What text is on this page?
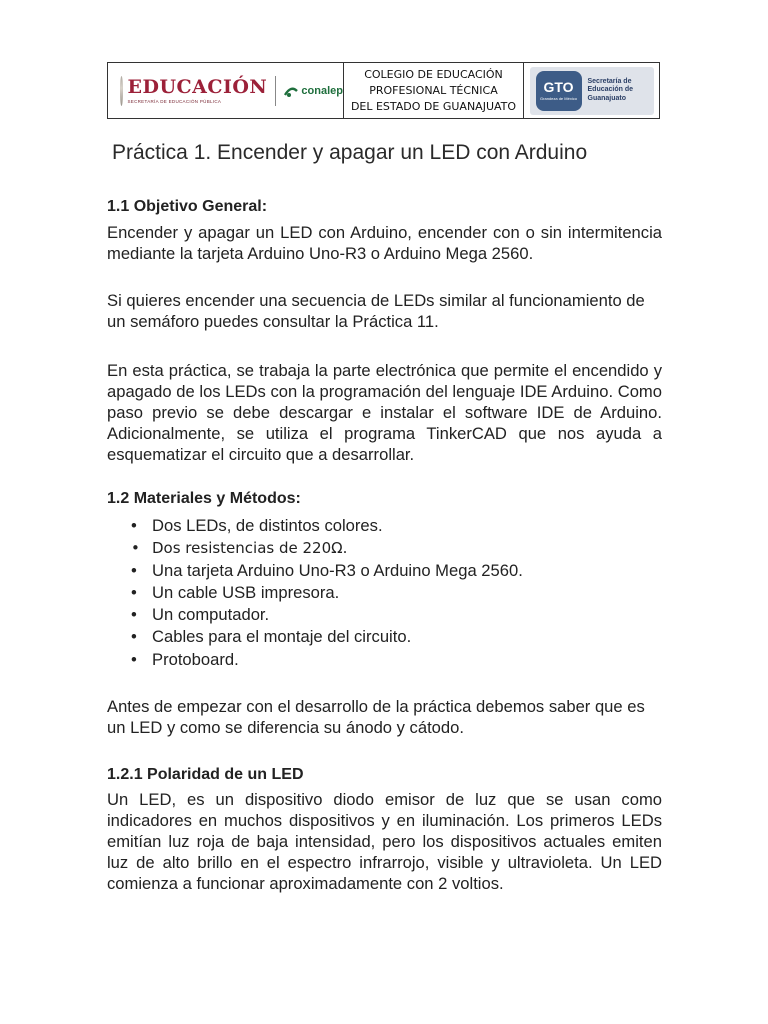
EDUCACIÓN
SECRETARÍA DE EDUCACIÓN PÚBLICA
conalep
COLEGIO DE EDUCACIÓN
PROFESIONAL TÉCNICA
DEL ESTADO DE GUANAJUATO
GTO
Grandeza de México
Secretaría de
Educación de
Guanajuato
Práctica 1. Encender y apagar un LED con Arduino
1.1 Objetivo General:
Encender y apagar un LED con Arduino, encender con o sin intermitencia mediante la tarjeta Arduino Uno-R3 o Arduino Mega 2560.
Si quieres encender una secuencia de LEDs similar al funcionamiento de un semáforo puedes consultar la Práctica 11.
En esta práctica, se trabaja la parte electrónica que permite el encendido y apagado de los LEDs con la programación del lenguaje IDE Arduino. Como paso previo se debe descargar e instalar el software IDE de Arduino. Adicionalmente, se utiliza el programa TinkerCAD que nos ayuda a esquematizar el circuito que a desarrollar.
1.2 Materiales y Métodos:
• Dos LEDs, de distintos colores.
• Dos resistencias de 220Ω.
• Una tarjeta Arduino Uno-R3 o Arduino Mega 2560.
• Un cable USB impresora.
• Un computador.
• Cables para el montaje del circuito.
• Protoboard.
Antes de empezar con el desarrollo de la práctica debemos saber que es un LED y como se diferencia su ánodo y cátodo.
1.2.1 Polaridad de un LED
Un LED, es un dispositivo diodo emisor de luz que se usan como indicadores en muchos dispositivos y en iluminación. Los primeros LEDs emitían luz roja de baja intensidad, pero los dispositivos actuales emiten luz de alto brillo en el espectro infrarrojo, visible y ultravioleta. Un LED comienza a funcionar aproximadamente con 2 voltios.
